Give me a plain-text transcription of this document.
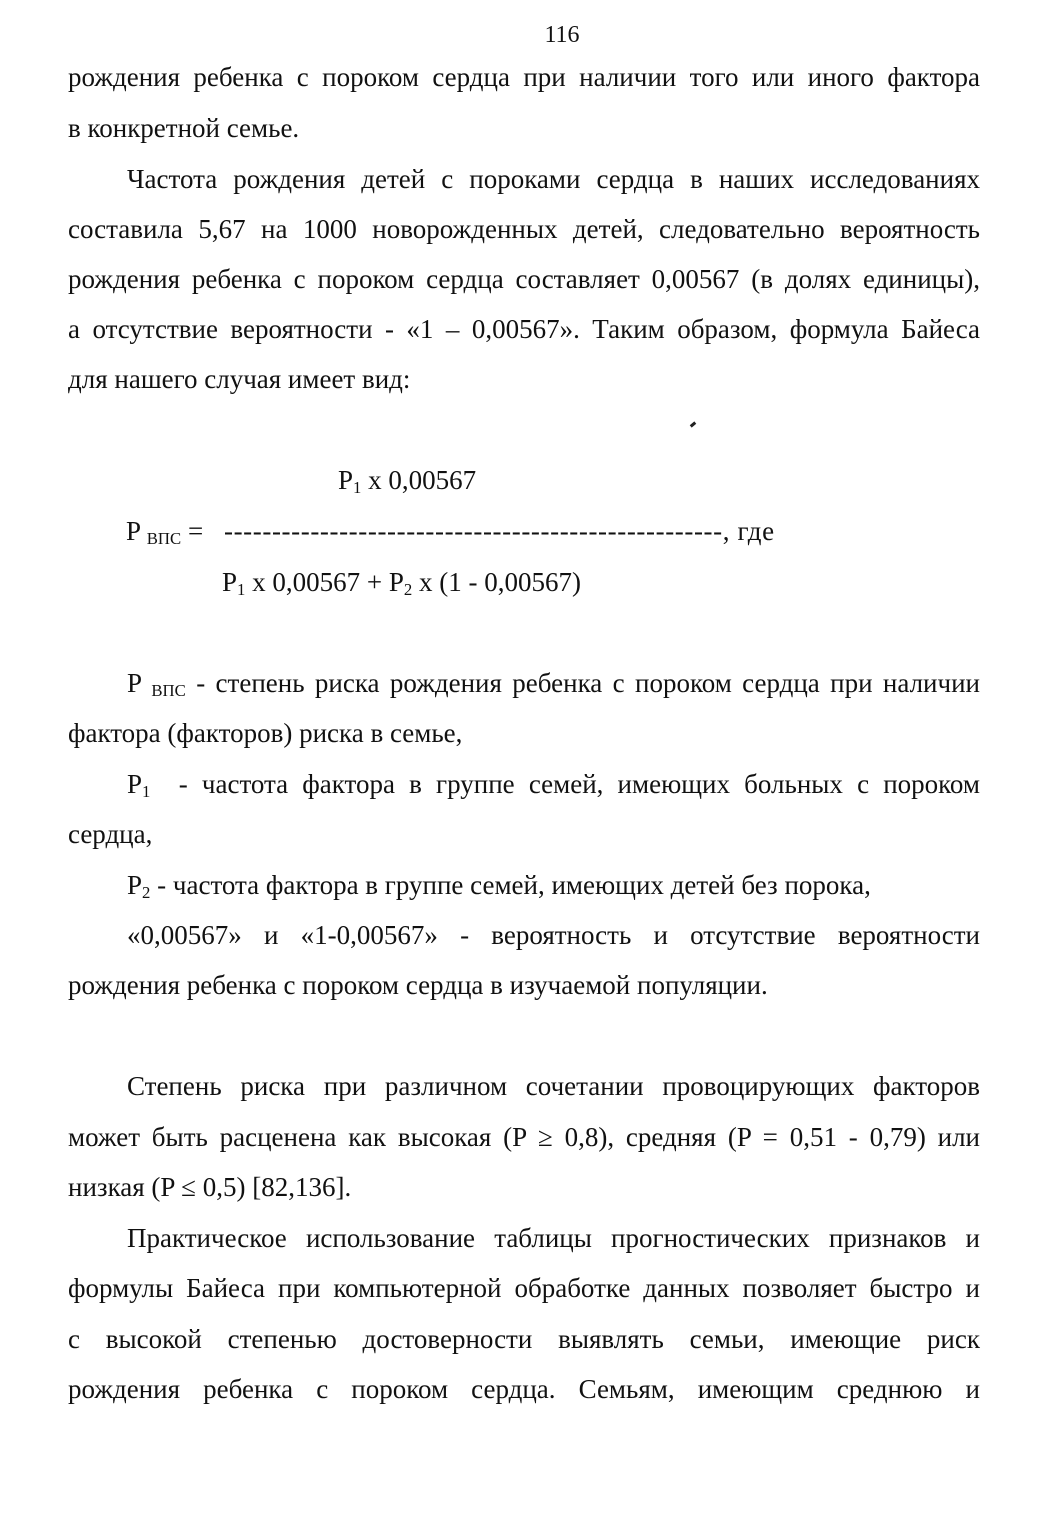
116
рождения ребенка с пороком сердца при наличии того или иного фактора
в конкретной семье.
Частота рождения детей с пороками сердца в наших исследованиях
составила 5,67 на 1000 новорожденных детей, следовательно вероятность
рождения ребенка с пороком сердца составляет 0,00567 (в долях единицы),
а отсутствие вероятности - «1 – 0,00567». Таким образом, формула Байеса
для нашего случая имеет вид:
$P_1$ x 0,00567
P $_{ВПС}$ = ----------------------------------------------------, где
$P_1$ x $0,00567 + P_2$ x (1 - 0,00567)
P $_{ВПС}$ - степень риска рождения ребенка с пороком сердца при наличии
фактора (факторов) риска в семье,
$P_1$  - частота фактора в группе семей, имеющих больных с пороком
сердца,
$P_2$ - частота фактора в группе семей, имеющих детей без порока,
«0,00567» и «1-0,00567» - вероятность и отсутствие вероятности
рождения ребенка с пороком сердца в изучаемой популяции.
Степень риска при различном сочетании провоцирующих факторов
может быть расценена как высокая (P ≥ 0,8), средняя (P = 0,51 - 0,79) или
низкая (P ≤ 0,5) [82,136].
Практическое использование таблицы прогностических признаков и
формулы Байеса при компьютерной обработке данных позволяет быстро и
с высокой степенью достоверности выявлять семьи, имеющие риск
рождения ребенка с пороком сердца. Семьям, имеющим среднюю и
